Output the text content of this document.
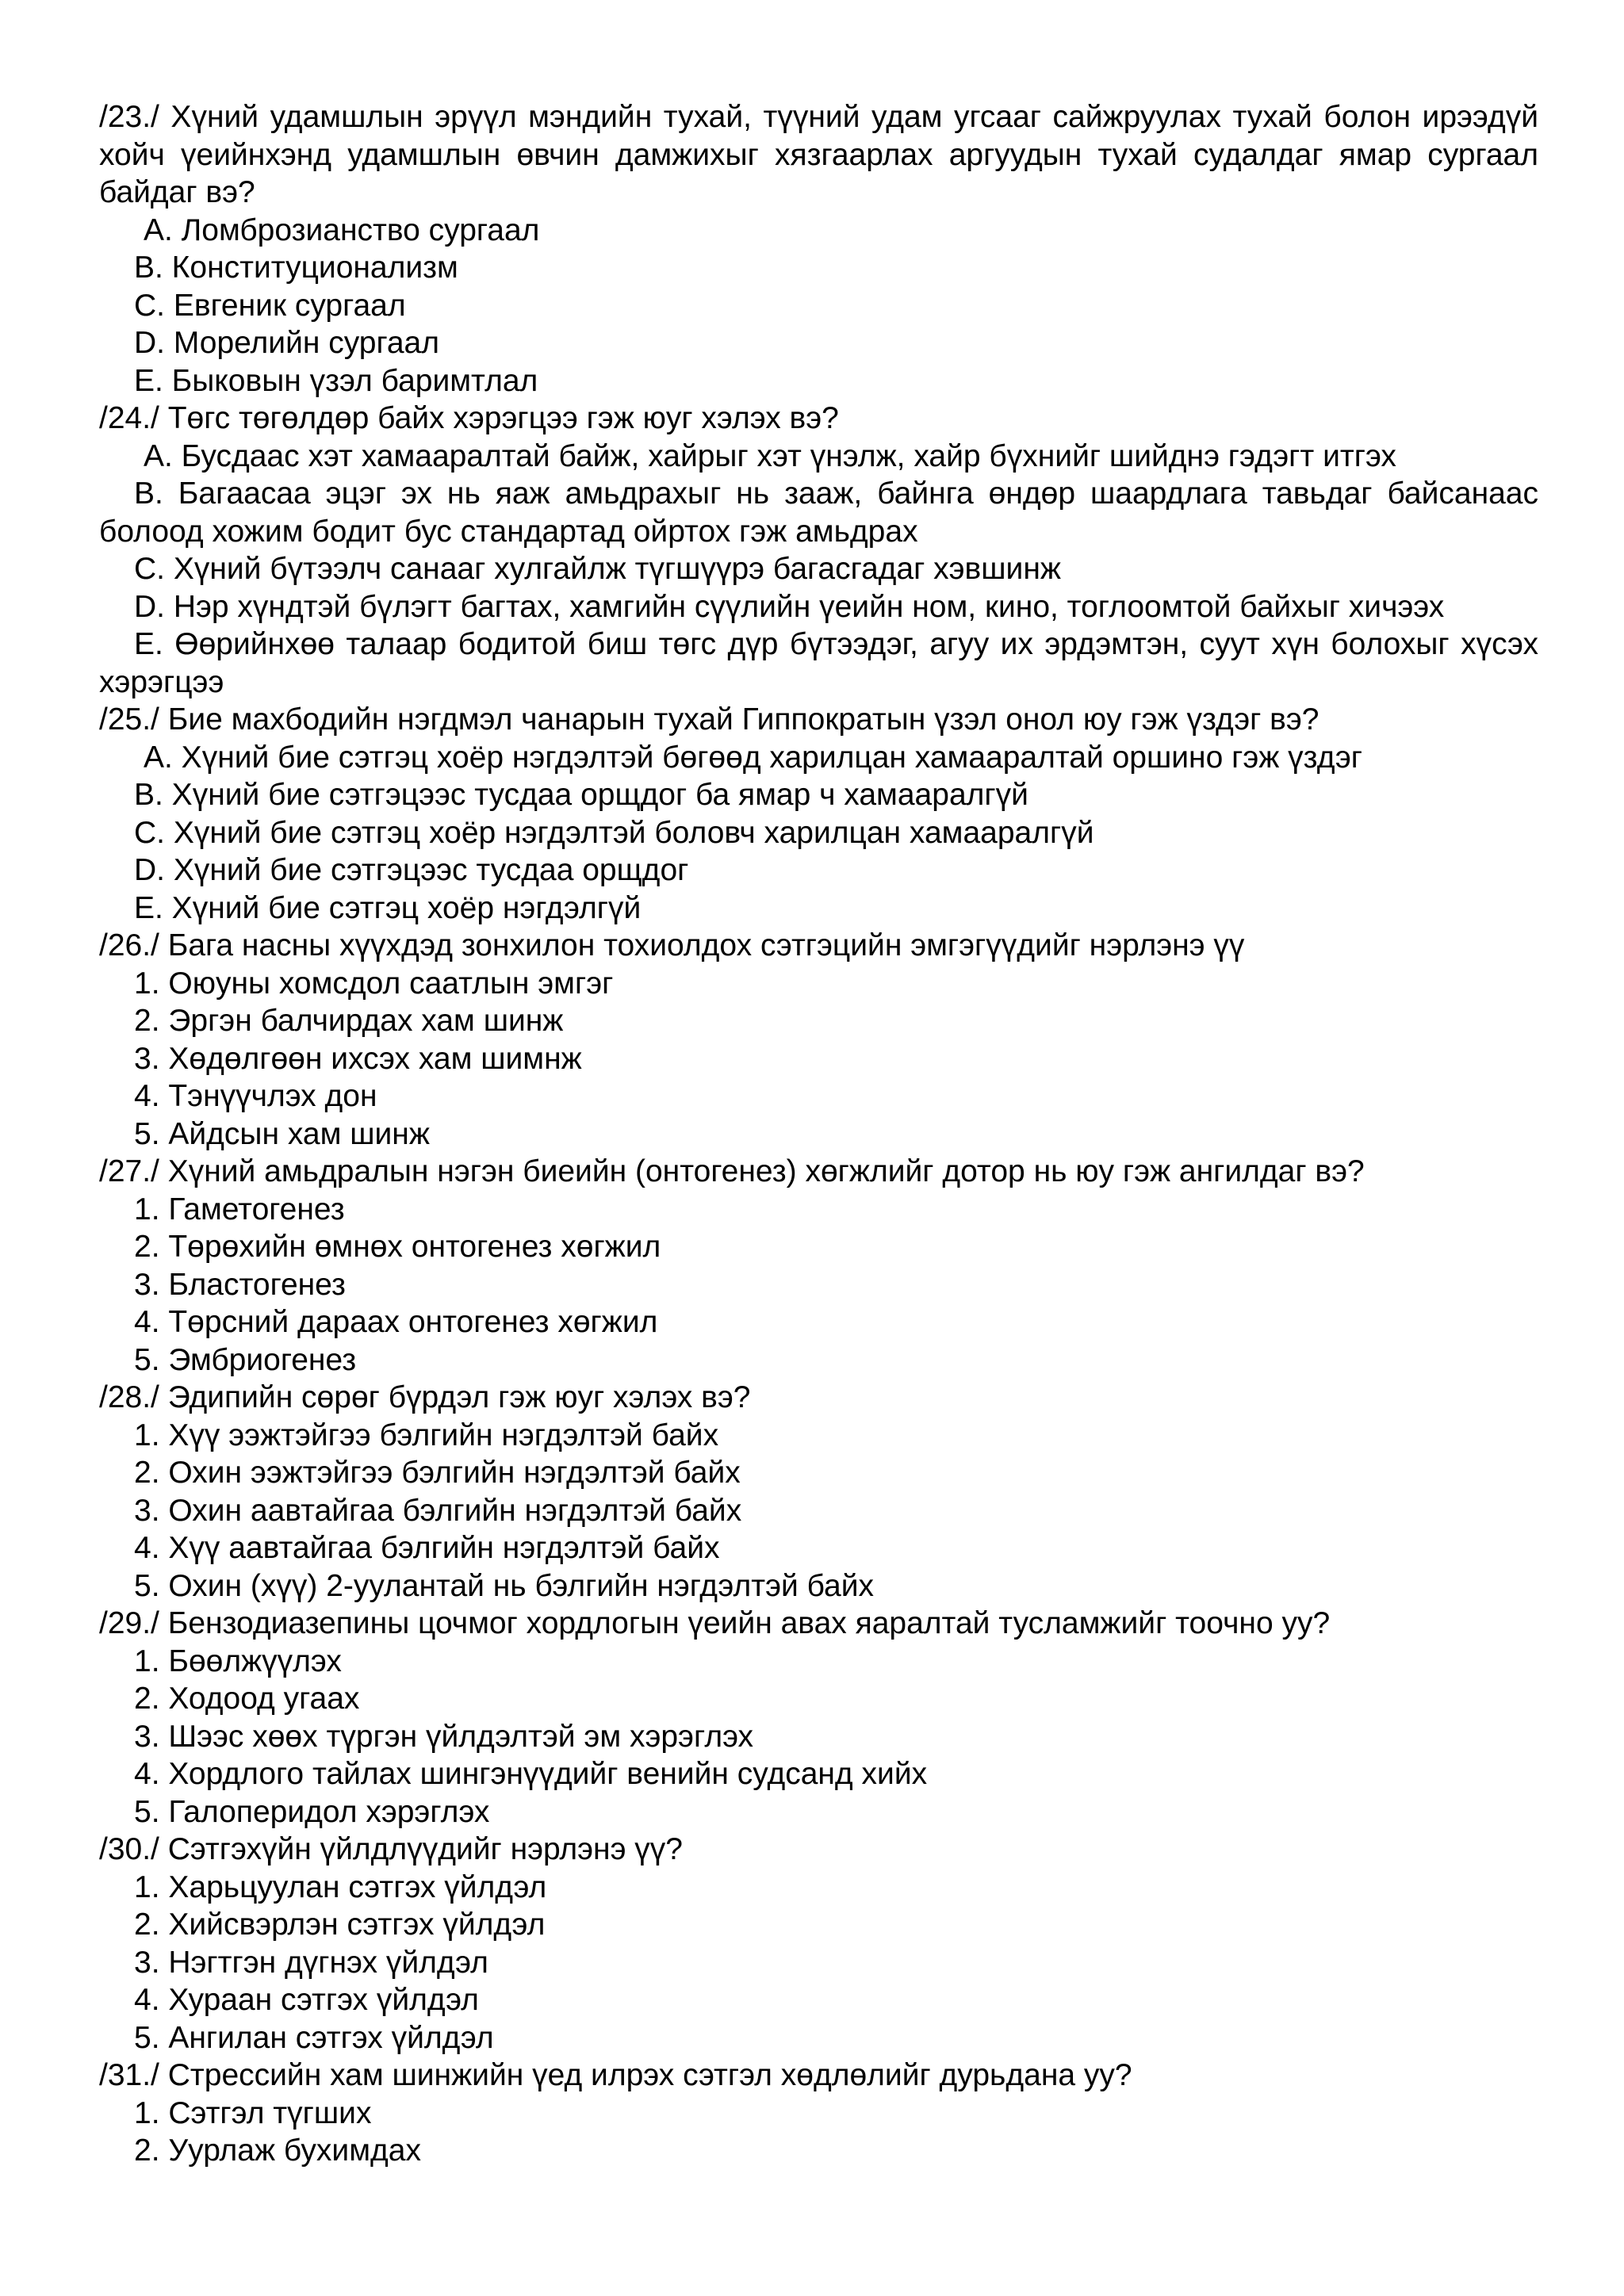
/23./ Хүний удамшлын эрүүл мэндийн тухай, түүний удам угсааг сайжруулах тухай болон ирээдүй хойч үеийнхэнд удамшлын өвчин дамжихыг хязгаарлах аргуудын тухай судалдаг ямар сургаал байдаг вэ?

A. Ломброзианство сургаал

B. Конституционализм

C. Евгеник сургаал

D. Морелийн сургаал

E. Быковын үзэл баримтлал

/24./ Төгс төгөлдөр байх хэрэгцээ гэж юуг хэлэх вэ?

A. Бусдаас хэт хамааралтай байж, хайрыг хэт үнэлж, хайр бүхнийг шийднэ гэдэгт итгэх

B. Багаасаа эцэг эх нь яаж амьдрахыг нь зааж, байнга өндөр шаардлага тавьдаг байсанаас болоод хожим бодит бус стандартад ойртох гэж амьдрах

C. Хүний бүтээлч санааг хулгайлж түгшүүрэ багасгадаг хэвшинж

D. Нэр хүндтэй бүлэгт багтах, хамгийн сүүлийн үеийн ном, кино, тоглоомтой байхыг хичээх

E. Өөрийнхөө талаар бодитой биш төгс дүр бүтээдэг, агуу их эрдэмтэн, суут хүн болохыг хүсэх хэрэгцээ

/25./ Бие махбодийн нэгдмэл чанарын тухай Гиппократын үзэл онол юу гэж үздэг вэ?

A. Хүний бие сэтгэц хоёр нэгдэлтэй бөгөөд харилцан хамааралтай оршино гэж үздэг

B. Хүний бие сэтгэцээс тусдаа орщдог ба ямар ч хамааралгүй

C. Хүний бие сэтгэц хоёр нэгдэлтэй боловч харилцан хамааралгүй

D. Хүний бие сэтгэцээс тусдаа орщдог

E. Хүний бие сэтгэц хоёр нэгдэлгүй

/26./ Бага насны хүүхдэд зонхилон тохиолдох сэтгэцийн эмгэгүүдийг нэрлэнэ үү

1. Оюуны хомсдол саатлын эмгэг

2. Эргэн балчирдах хам шинж

3. Хөдөлгөөн ихсэх хам шимнж

4. Тэнүүчлэх дон

5. Айдсын хам шинж

/27./ Хүний амьдралын нэгэн биеийн (онтогенез) хөгжлийг дотор нь юу гэж ангилдаг вэ?

1. Гаметогенез

2. Төрөхийн өмнөх онтогенез хөгжил

3. Бластогенез

4. Төрсний дараах онтогенез хөгжил

5. Эмбриогенез

/28./ Эдипийн сөрөг бүрдэл гэж юуг хэлэх вэ?

1. Хүү ээжтэйгээ бэлгийн нэгдэлтэй байх

2. Охин ээжтэйгээ бэлгийн нэгдэлтэй байх

3. Охин аавтайгаа бэлгийн нэгдэлтэй байх

4. Хүү аавтайгаа бэлгийн нэгдэлтэй байх

5. Охин (хүү) 2-уулантай нь бэлгийн нэгдэлтэй байх

/29./ Бензодиазепины цочмог хордлогын үеийн авах яаралтай тусламжийг тоочно уу?

1. Бөөлжүүлэх

2. Ходоод угаах

3. Шээс хөөх түргэн үйлдэлтэй эм хэрэглэх

4. Хордлого тайлах шингэнүүдийг венийн судсанд хийх

5. Галоперидол хэрэглэх

/30./ Сэтгэхүйн үйлдлүүдийг нэрлэнэ үү?

1. Харьцуулан сэтгэх үйлдэл

2. Хийсвэрлэн сэтгэх үйлдэл

3. Нэгтгэн дүгнэх үйлдэл

4. Хураан сэтгэх үйлдэл

5. Ангилан сэтгэх үйлдэл

/31./ Стрессийн хам шинжийн үед илрэх сэтгэл хөдлөлийг дурьдана уу?

1. Сэтгэл түгших

2. Уурлаж бухимдах
